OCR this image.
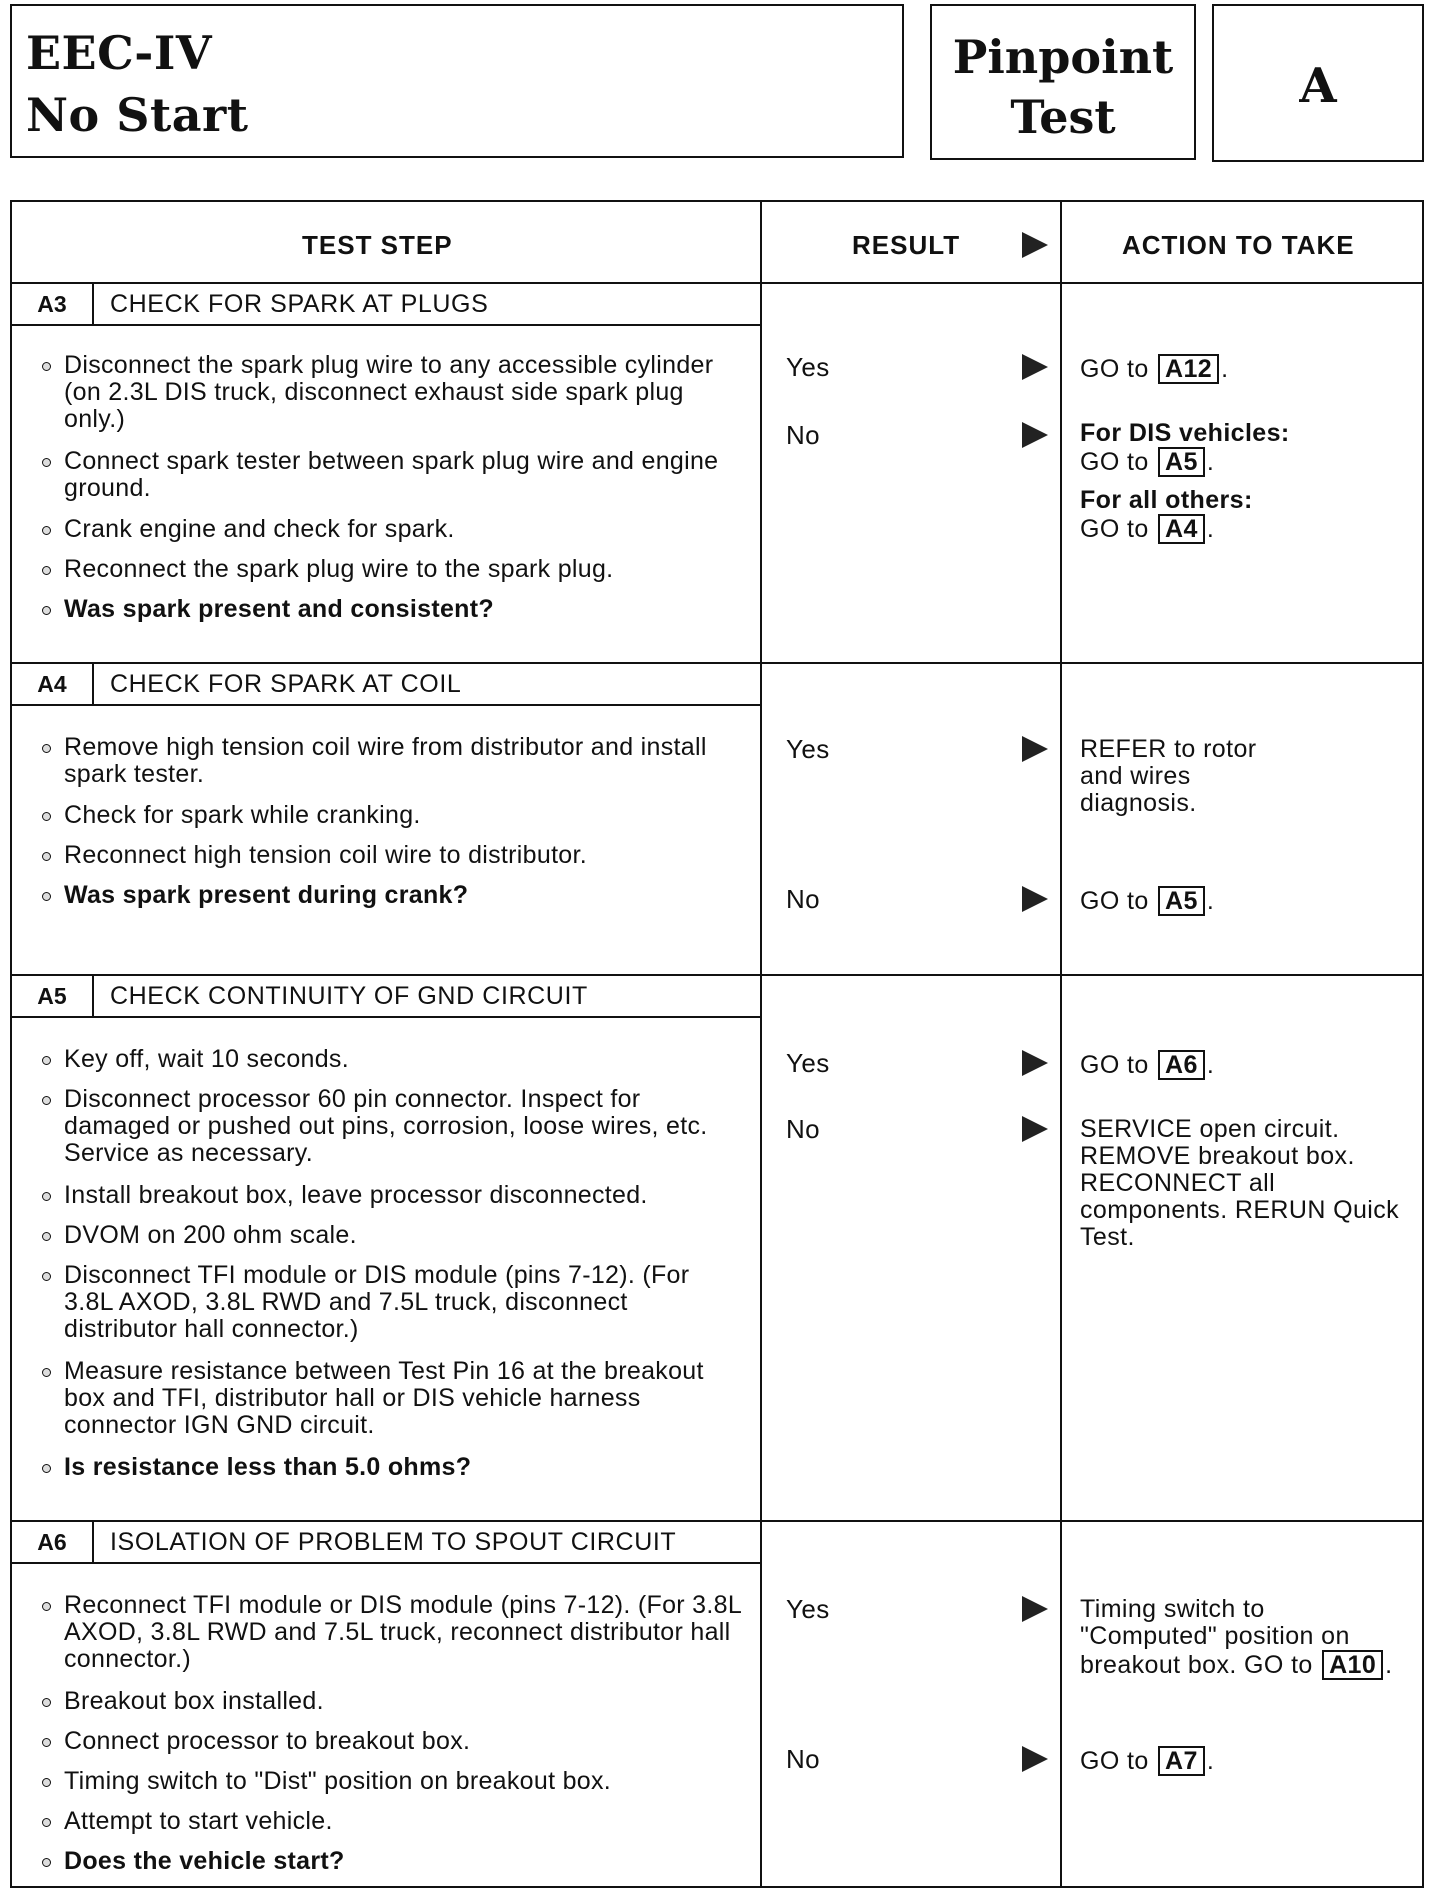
EEC-IV
No Start
Pinpoint
Test
A
TEST STEP	RESULT	ACTION TO TAKE
A3	CHECK FOR SPARK AT PLUGS
Disconnect the spark plug wire to any accessible cylinder (on 2.3L DIS truck, disconnect exhaust side spark plug only.)
Connect spark tester between spark plug wire and engine ground.
Crank engine and check for spark.
Reconnect the spark plug wire to the spark plug.
Was spark present and consistent?
Yes	GO to A12 .
No	For DIS vehicles:
GO to A5 .
For all others:
GO to A4 .
A4	CHECK FOR SPARK AT COIL
Remove high tension coil wire from distributor and install spark tester.
Check for spark while cranking.
Reconnect high tension coil wire to distributor.
Was spark present during crank?
Yes	REFER to rotor and wires diagnosis.
No	GO to A5 .
A5	CHECK CONTINUITY OF GND CIRCUIT
Key off, wait 10 seconds.
Disconnect processor 60 pin connector. Inspect for damaged or pushed out pins, corrosion, loose wires, etc. Service as necessary.
Install breakout box, leave processor disconnected.
DVOM on 200 ohm scale.
Disconnect TFI module or DIS module (pins 7-12). (For 3.8L AXOD, 3.8L RWD and 7.5L truck, disconnect distributor hall connector.)
Measure resistance between Test Pin 16 at the breakout box and TFI, distributor hall or DIS vehicle harness connector IGN GND circuit.
Is resistance less than 5.0 ohms?
Yes	GO to A6 .
No	SERVICE open circuit. REMOVE breakout box. RECONNECT all components. RERUN Quick Test.
A6	ISOLATION OF PROBLEM TO SPOUT CIRCUIT
Reconnect TFI module or DIS module (pins 7-12). (For 3.8L AXOD, 3.8L RWD and 7.5L truck, reconnect distributor hall connector.)
Breakout box installed.
Connect processor to breakout box.
Timing switch to "Dist" position on breakout box.
Attempt to start vehicle.
Does the vehicle start?
Yes	Timing switch to "Computed" position on breakout box. GO to A10 .
No	GO to A7 .
